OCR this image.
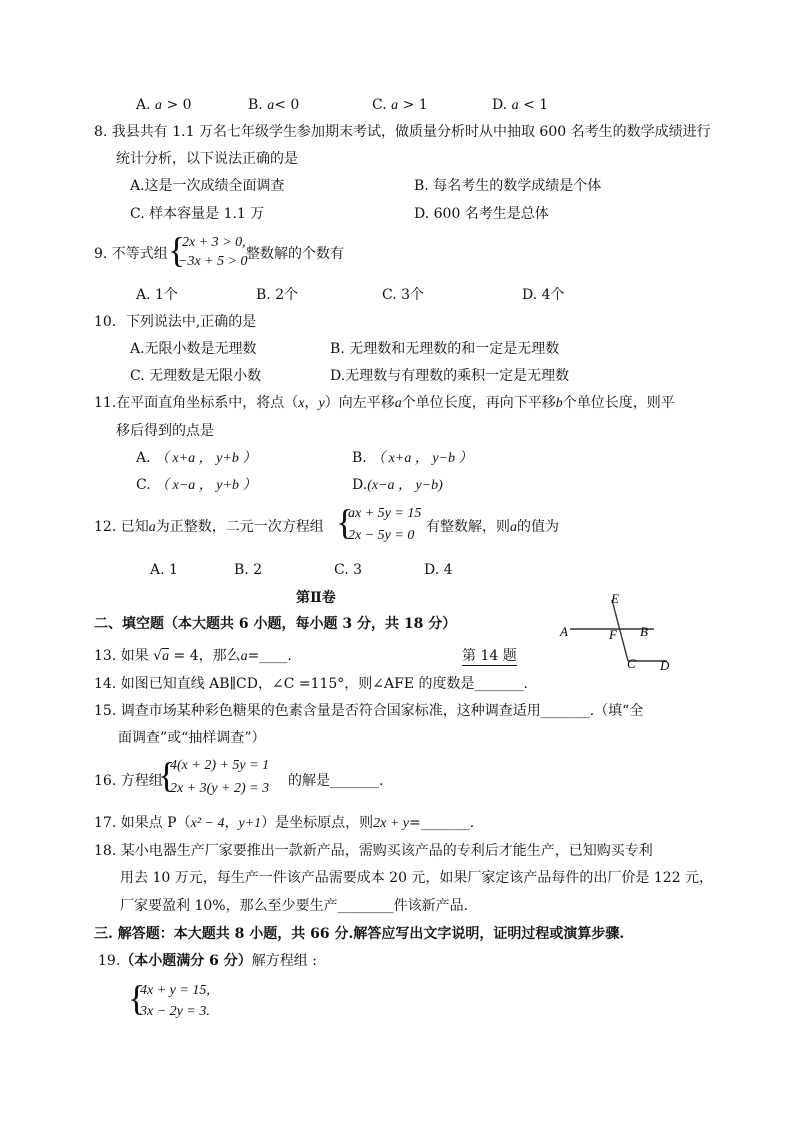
A. a > 0	B. a< 0	C. a > 1	D. a < 1
8. 我县共有 1.1 万名七年级学生参加期末考试，做质量分析时从中抽取 600 名考生的数学成绩进行
统计分析，以下说法正确的是
A.这是一次成绩全面调查	B. 每名考生的数学成绩是个体
C. 样本容量是 1.1 万	D. 600 名考生是总体
9. 不等式组 {
2x + 3 > 0,
−3x + 5 > 0
整数解的个数有
A. 1个	B. 2个	C. 3个	D. 4个
10．下列说法中,正确的是
A.无限小数是无理数	B. 无理数和无理数的和一定是无理数
C. 无理数是无限小数	D.无理数与有理数的乘积一定是无理数
11.在平面直角坐标系中，将点（x，y）向左平移a个单位长度，再向下平移b个单位长度，则平
移后得到的点是
A. （ x+a ， y+b ）	B. （ x+a ， y−b ）
C. （ x−a ， y+b ）	D.(x−a ， y−b)
12. 已知a为正整数，二元一次方程组 {
ax + 5y = 15
2x − 5y = 0
有整数解，则a的值为
A. 1	B. 2	C. 3	D. 4
第Ⅱ卷
二、填空题（本大题共 6 小题，每小题 3 分，共 18 分）
E
A	F B
C D
13. 如果 √a = 4，那么a=____.	第 14 题
14. 如图已知直线 AB∥CD，∠C =115°，则∠AFE 的度数是_______.
15. 调查市场某种彩色糖果的色素含量是否符合国家标准，这种调查适用_______.（填“全
面调查”或“抽样调查”）
16. 方程组
{
4(x + 2) + 5y = 1
2x + 3(y + 2) = 3 的解是_______.
17. 如果点 P（x² − 4，y+1）是坐标原点，则2x + y=_______.
18. 某小电器生产厂家要推出一款新产品，需购买该产品的专利后才能生产，已知购买专利
用去 10 万元，每生产一件该产品需要成本 20 元，如果厂家定该产品每件的出厂价是 122 元，
厂家要盈利 10%，那么至少要生产________件该新产品.
三. 解答题：本大题共 8 小题，共 66 分.解答应写出文字说明，证明过程或演算步骤.
19.（本小题满分 6 分）解方程组 :
{
4x + y = 15,
3x − 2y = 3.
